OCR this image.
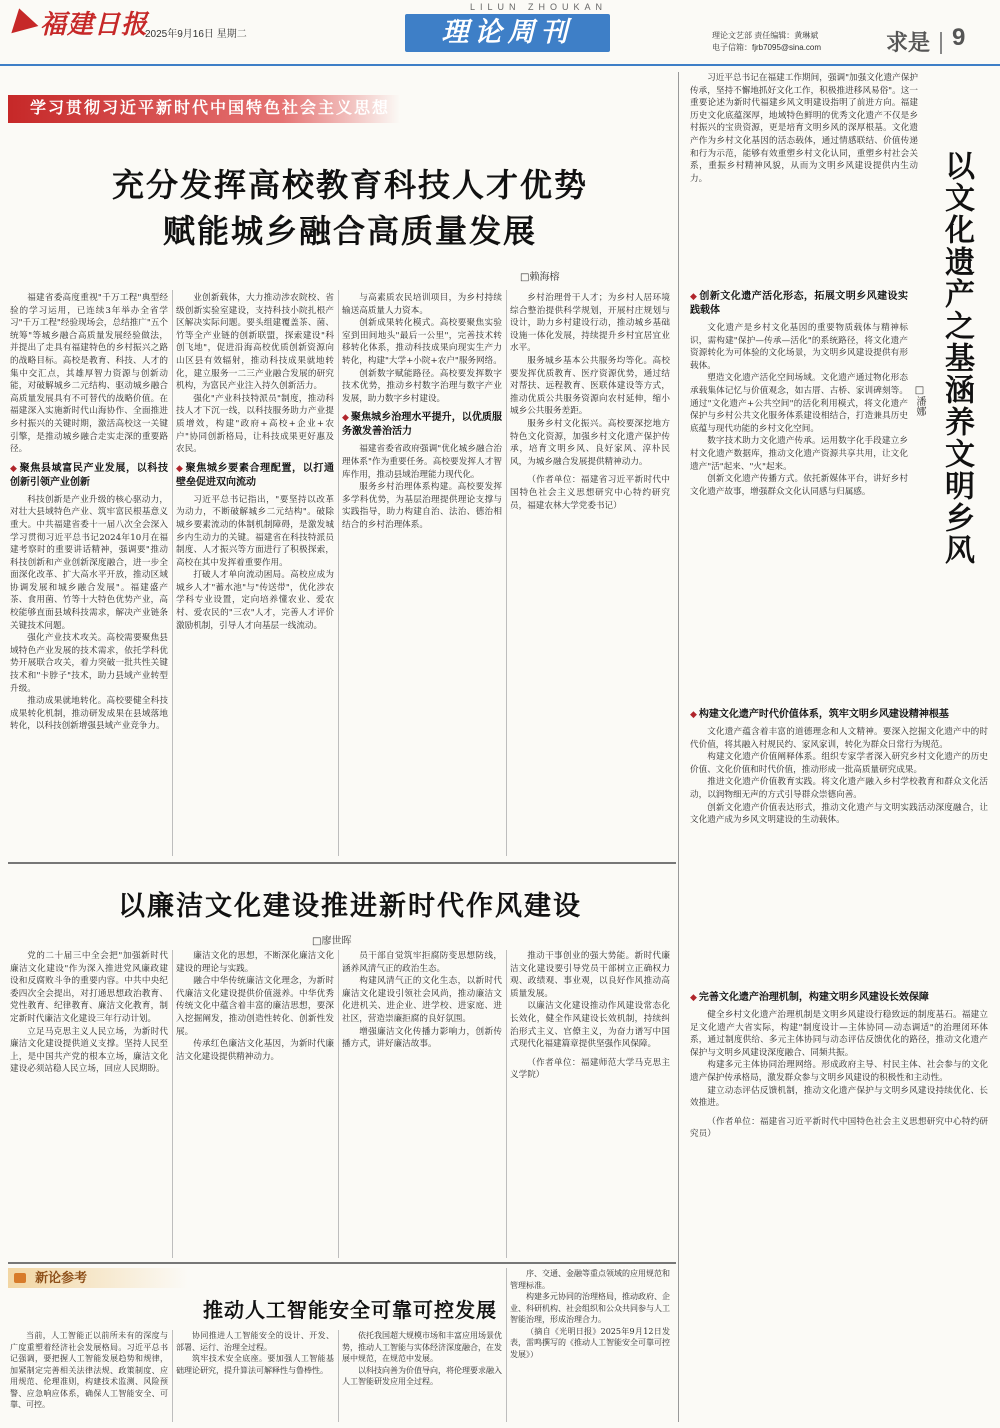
福建日报
2025年9月16日 星期二
LILUN ZHOUKAN
理论周刊	理论文艺部 责任编辑：黄琳斌
电子信箱：fjrb7095@sina.com	求是 9
学习贯彻习近平新时代中国特色社会主义思想
充分发挥高校教育科技人才优势
赋能城乡融合高质量发展
□赖海榕

福建省委高度重视"千万工程"典型经验的学习运用，已连续3年举办全省学习"千万工程"经验现场会，总结推广"五个统筹"等城乡融合高质量发展经验做法，并提出了走具有福建特色的乡村振兴之路的战略目标。高校是教育、科技、人才的集中交汇点，其雄厚智力资源与创新动能，对破解城乡二元结构、驱动城乡融合高质量发展具有不可替代的战略价值。在福建深入实施新时代山海协作、全面推进乡村振兴的关键时期，激活高校这一关键引擎，是推动城乡融合走实走深的重要路径。

◆ 聚焦县域富民产业发展，以科技创新引领产业创新

科技创新是产业升级的核心驱动力，对壮大县域特色产业、筑牢富民根基意义重大。中共福建省委十一届八次全会深入学习贯彻习近平总书记2024年10月在福建考察时的重要讲话精神，强调要"推动科技创新和产业创新深度融合，进一步全面深化改革、扩大高水平开放，推动区域协调发展和城乡融合发展"。福建盛产茶、食用菌、竹等十大特色优势产业，高校能够直面县域科技需求，解决产业链条关键技术问题。

强化产业技术攻关。高校需要聚焦县域特色产业发展的技术需求，依托学科优势开展联合攻关，着力突破一批共性关键技术和"卡脖子"技术，助力县域产业转型升级。

推动成果就地转化。高校要健全科技成果转化机制，推动研发成果在县域落地转化，以科技创新增强县域产业竞争力。

业创新载体，大力推动涉农院校、省级创新实验室建设，支持科技小院扎根产区解决实际问题。要头组建覆盖茶、菌、竹等全产业链的创新联盟，探索建设"科创飞地"，促进沿海高校优质创新资源向山区县有效辐射，推动科技成果就地转化，建立服务一二三产业融合发展的研究机构，为富民产业注入持久创新活力。

强化"产业科技特派员"制度，推动科技人才下沉一线，以科技服务助力产业提质增效，构建"政府+高校+企业+农户"协同创新格局，让科技成果更好惠及农民。

◆ 聚焦城乡要素合理配置，以打通壁垒促进双向流动

习近平总书记指出，"要坚持以改革为动力，不断破解城乡二元结构"。破除城乡要素流动的体制机制障碍，是激发城乡内生动力的关键。福建省在科技特派员制度、人才振兴等方面进行了积极探索，高校在其中发挥着重要作用。

打破人才单向流动困局。高校应成为城乡人才"蓄水池"与"传送带"，优化涉农学科专业设置，定向培养懂农业、爱农村、爱农民的"三农"人才，完善人才评价激励机制，引导人才向基层一线流动。

与高素质农民培训项目，为乡村持续输送高质量人力资本。

创新成果转化模式。高校要聚焦实验室到田间地头"最后一公里"，完善技术转移转化体系，推动科技成果向现实生产力转化，构建"大学+小院+农户"服务网络。

创新数字赋能路径。高校要发挥数字技术优势，推动乡村数字治理与数字产业发展，助力数字乡村建设。

◆ 聚焦城乡治理水平提升，以优质服务激发善治活力

福建省委省政府强调"优化城乡融合治理体系"作为重要任务。高校要发挥人才智库作用，推动县域治理能力现代化。

服务乡村治理体系构建。高校要发挥多学科优势，为基层治理提供理论支撑与实践指导，助力构建自治、法治、德治相结合的乡村治理体系。

乡村治理骨干人才；为乡村人居环境综合整治提供科学规划，开展村庄规划与设计，助力乡村建设行动，推动城乡基础设施一体化发展，持续提升乡村宜居宜业水平。

服务城乡基本公共服务均等化。高校要发挥优质教育、医疗资源优势，通过结对帮扶、远程教育、医联体建设等方式，推动优质公共服务资源向农村延伸，缩小城乡公共服务差距。

服务乡村文化振兴。高校要深挖地方特色文化资源，加强乡村文化遗产保护传承，培育文明乡风、良好家风、淳朴民风，为城乡融合发展提供精神动力。

（作者单位：福建省习近平新时代中国特色社会主义思想研究中心特约研究员，福建农林大学党委书记）

习近平总书记在福建工作期间，强调"加强文化遗产保护传承，坚持不懈地抓好文化工作，积极推进移风易俗"。这一重要论述为新时代福建乡风文明建设指明了前进方向。福建历史文化底蕴深厚，地域特色鲜明的优秀文化遗产不仅是乡村振兴的宝贵资源，更是培育文明乡风的深厚根基。文化遗产作为乡村文化基因的活态载体，通过情感联结、价值传递和行为示范，能够有效重塑乡村文化认同，重塑乡村社会关系，重振乡村精神风貌，从而为文明乡风建设提供内生动力。	以文化遗产之基涵养文明乡风
□潘娜
◆ 创新文化遗产活化形态，拓展文明乡风建设实践载体

文化遗产是乡村文化基因的重要物质载体与精神标识，需构建"保护—传承—活化"的系统路径，将文化遗产资源转化为可体验的文化场景，为文明乡风建设提供有形载体。

塑造文化遗产活化空间场域。文化遗产通过物化形态承载集体记忆与价值观念，如古厝、古桥、家训碑刻等。通过"文化遗产+公共空间"的活化利用模式，将文化遗产保护与乡村公共文化服务体系建设相结合，打造兼具历史底蕴与现代功能的乡村文化空间。

数字技术助力文化遗产传承。运用数字化手段建立乡村文化遗产数据库，推动文化遗产资源共享共用，让文化遗产"活"起来、"火"起来。

创新文化遗产传播方式。依托新媒体平台，讲好乡村文化遗产故事，增强群众文化认同感与归属感。

◆ 构建文化遗产时代价值体系，筑牢文明乡风建设精神根基

文化遗产蕴含着丰富的道德理念和人文精神。要深入挖掘文化遗产中的时代价值，将其融入村规民约、家风家训，转化为群众日常行为规范。

构建文化遗产价值阐释体系。组织专家学者深入研究乡村文化遗产的历史价值、文化价值和时代价值，推动形成一批高质量研究成果。

推进文化遗产价值教育实践。将文化遗产融入乡村学校教育和群众文化活动，以润物细无声的方式引导群众崇德向善。

创新文化遗产价值表达形式，推动文化遗产与文明实践活动深度融合，让文化遗产成为乡风文明建设的生动载体。

◆ 完善文化遗产治理机制，构建文明乡风建设长效保障

健全乡村文化遗产治理机制是文明乡风建设行稳致远的制度基石。福建立足文化遗产大省实际，构建"制度设计—主体协同—动态调适"的治理闭环体系，通过制度供给、多元主体协同与动态评估反馈优化的路径，推动文化遗产保护与文明乡风建设深度融合、同频共振。

构建多元主体协同治理网络。形成政府主导、村民主体、社会参与的文化遗产保护传承格局，激发群众参与文明乡风建设的积极性和主动性。

建立动态评估反馈机制，推动文化遗产保护与文明乡风建设持续优化、长效推进。

（作者单位：福建省习近平新时代中国特色社会主义思想研究中心特约研究员）

以廉洁文化建设推进新时代作风建设
□廖世晖

党的二十届三中全会把"加强新时代廉洁文化建设"作为深入推进党风廉政建设和反腐败斗争的重要内容。中共中央纪委四次全会提出，对打通思想政治教育、党性教育、纪律教育、廉洁文化教育，制定新时代廉洁文化建设三年行动计划。

立足马克思主义人民立场，为新时代廉洁文化建设提供道义支撑。坚持人民至上，是中国共产党的根本立场，廉洁文化建设必须站稳人民立场，回应人民期盼。

廉洁文化的思想，不断深化廉洁文化建设的理论与实践。

融合中华传统廉洁文化理念，为新时代廉洁文化建设提供价值滋养。中华优秀传统文化中蕴含着丰富的廉洁思想，要深入挖掘阐发，推动创造性转化、创新性发展。

传承红色廉洁文化基因，为新时代廉洁文化建设提供精神动力。

员干部自觉筑牢拒腐防变思想防线，涵养风清气正的政治生态。

构建风清气正的文化生态，以新时代廉洁文化建设引领社会风尚，推动廉洁文化进机关、进企业、进学校、进家庭、进社区，营造崇廉拒腐的良好氛围。

增强廉洁文化传播力影响力，创新传播方式，讲好廉洁故事。

推动干事创业的强大势能。新时代廉洁文化建设要引导党员干部树立正确权力观、政绩观、事业观，以良好作风推动高质量发展。

以廉洁文化建设推动作风建设常态化长效化，健全作风建设长效机制，持续纠治形式主义、官僚主义，为奋力谱写中国式现代化福建篇章提供坚强作风保障。

（作者单位：福建师范大学马克思主义学院）

$^{新论参考}$
推动人工智能安全可靠可控发展

当前，人工智能正以前所未有的深度与广度重塑着经济社会发展格局。习近平总书记强调，要把握人工智能发展趋势和规律，加紧制定完善相关法律法规、政策制度、应用规范、伦理准则，构建技术监测、风险预警、应急响应体系，确保人工智能安全、可靠、可控。

协同推进人工智能安全的设计、开发、部署、运行、治理全过程。

筑牢技术安全底座。要加强人工智能基础理论研究，提升算法可解释性与鲁棒性。

依托我国超大规模市场和丰富应用场景优势，推动人工智能与实体经济深度融合，在发展中规范，在规范中发展。

以科技向善为价值导向，将伦理要求融入人工智能研发应用全过程。

序、交通、金融等重点领域的应用规范和管理标准。

构建多元协同的治理格局，推动政府、企业、科研机构、社会组织和公众共同参与人工智能治理，形成治理合力。

（摘自《光明日报》2025年9月12日发表，雷鸣撰写的《推动人工智能安全可靠可控发展》）
